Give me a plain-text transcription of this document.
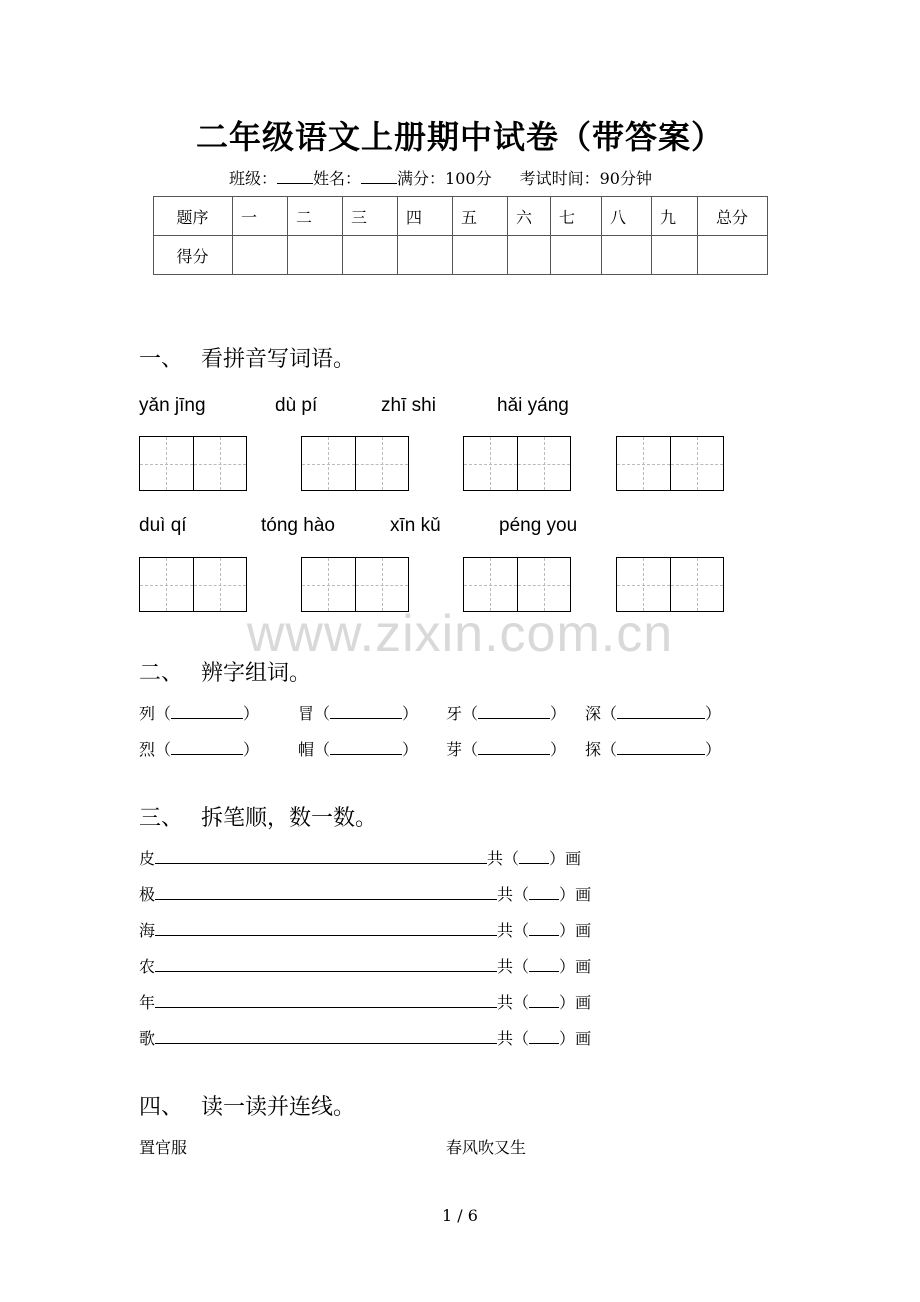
二年级语文上册期中试卷（带答案）
班级： 姓名： 满分：100分 考试时间：90分钟
题序	一	二	三	四	五	六	七	八	九	总分
得分										
一、 看拼音写词语。
yǎn jīng	dù pí	zhī shi	hǎi yáng
duì qí	tóng hào	xīn kǔ	péng you
www.zixin.com.cn
二、 辨字组词。
列（	） 冒（	） 牙（	） 深（	）
烈（	） 帽（	） 芽（	） 探（	）
三、 拆笔顺，数一数。
皮	共（ ）画
极	共（ ）画
海	共（ ）画
农	共（ ）画
年	共（ ）画
歌	共（ ）画
四、 读一读并连线。
置官服	春风吹又生
1 / 6
